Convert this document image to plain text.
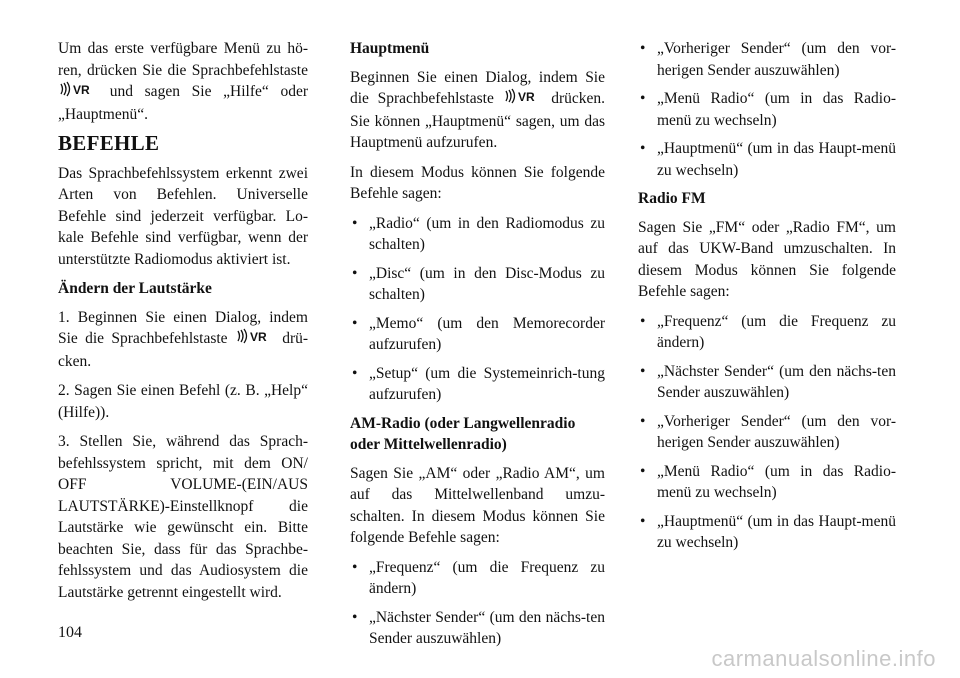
Um das erste verfügbare Menü zu hö-ren, drücken Sie die Sprachbefehlstaste
VR und sagen Sie „Hilfe“ oder „Hauptmenü“.

BEFEHLE

Das Sprachbefehlssystem erkennt zwei Arten von Befehlen. Universelle Befehle sind jederzeit verfügbar. Lo-kale Befehle sind verfügbar, wenn der unterstützte Radiomodus aktiviert ist.

Ändern der Lautstärke

1. Beginnen Sie einen Dialog, indem Sie die Sprachbefehlstaste VR drü-cken.

2. Sagen Sie einen Befehl (z. B. „Help“ (Hilfe)).

3. Stellen Sie, während das Sprach-befehlssystem spricht, mit dem ON/ OFF VOLUME-(EIN/AUS LAUTSTÄRKE)-Einstellknopf die Lautstärke wie gewünscht ein. Bitte beachten Sie, dass für das Sprachbe-fehlssystem und das Audiosystem die Lautstärke getrennt eingestellt wird.

Hauptmenü

Beginnen Sie einen Dialog, indem Sie die Sprachbefehlstaste VR drücken. Sie können „Hauptmenü“ sagen, um das Hauptmenü aufzurufen.

In diesem Modus können Sie folgende Befehle sagen:

• „Radio“ (um in den Radiomodus zu schalten)
• „Disc“ (um in den Disc-Modus zu schalten)
• „Memo“ (um den Memorecorder aufzurufen)
• „Setup“ (um die Systemeinrich-tung aufzurufen)
AM-Radio (oder Langwellenradio oder Mittelwellenradio)

Sagen Sie „AM“ oder „Radio AM“, um auf das Mittelwellenband umzu-schalten. In diesem Modus können Sie folgende Befehle sagen:

• „Frequenz“ (um die Frequenz zu ändern)
• „Nächster Sender“ (um den nächs-ten Sender auszuwählen)
• „Vorheriger Sender“ (um den vor-herigen Sender auszuwählen)
• „Menü Radio“ (um in das Radio-menü zu wechseln)
• „Hauptmenü“ (um in das Haupt-menü zu wechseln)
Radio FM

Sagen Sie „FM“ oder „Radio FM“, um auf das UKW-Band umzuschalten. In diesem Modus können Sie folgende Befehle sagen:

• „Frequenz“ (um die Frequenz zu ändern)
• „Nächster Sender“ (um den nächs-ten Sender auszuwählen)
• „Vorheriger Sender“ (um den vor-herigen Sender auszuwählen)
• „Menü Radio“ (um in das Radio-menü zu wechseln)
• „Hauptmenü“ (um in das Haupt-menü zu wechseln)
104
carmanualsonline.info
